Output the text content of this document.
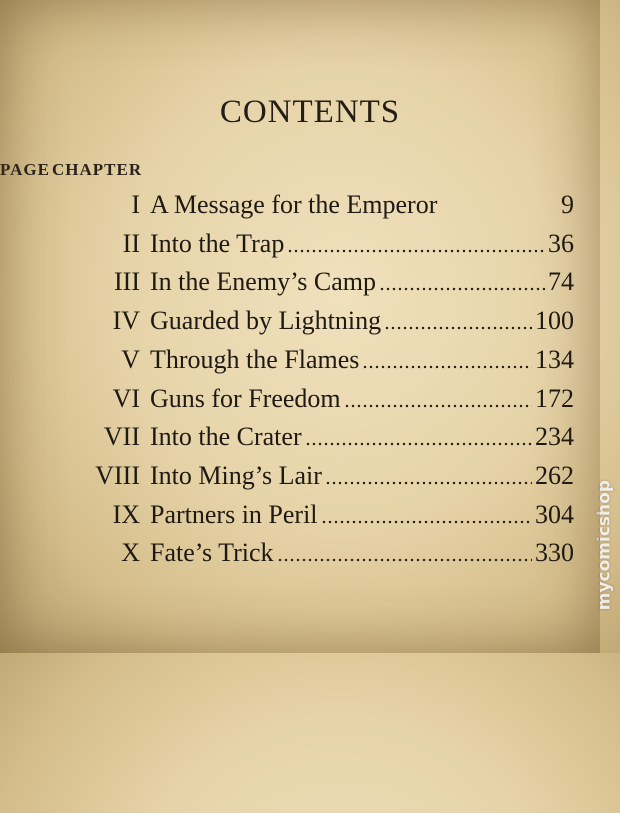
CONTENTS
CHAPTER
PAGE
I A Message for the Emperor	9
II Into the Trap	36
III In the Enemy’s Camp	74
IV Guarded by Lightning	100
V Through the Flames	134
VI Guns for Freedom	172
VII Into the Crater	234
VIII Into Ming’s Lair	262
IX Partners in Peril	304
X Fate’s Trick	330 mycomicshop
